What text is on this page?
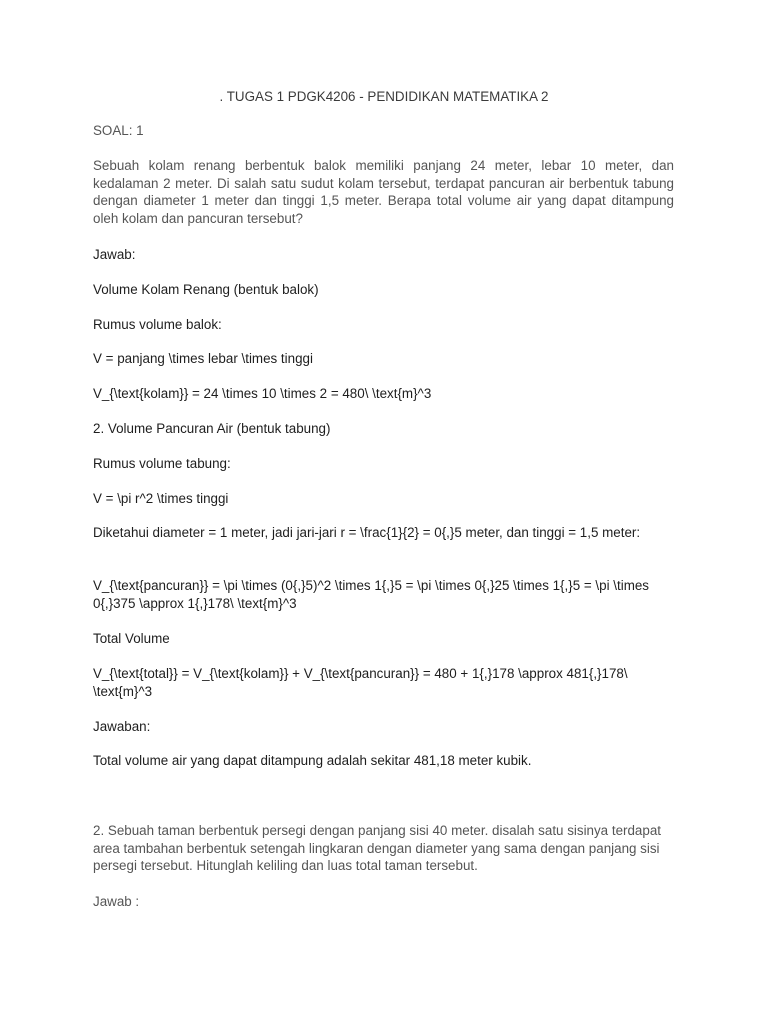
. TUGAS 1 PDGK4206 - PENDIDIKAN MATEMATIKA 2
SOAL: 1
Sebuah kolam renang berbentuk balok memiliki panjang 24 meter, lebar 10 meter, dan kedalaman 2 meter. Di salah satu sudut kolam tersebut, terdapat pancuran air berbentuk tabung dengan diameter 1 meter dan tinggi 1,5 meter. Berapa total volume air yang dapat ditampung oleh kolam dan pancuran tersebut?
Jawab:
Volume Kolam Renang (bentuk balok)
Rumus volume balok:
V = panjang \times lebar \times tinggi
V_{\text{kolam}} = 24 \times 10 \times 2 = 480\ \text{m}^3
2. Volume Pancuran Air (bentuk tabung)
Rumus volume tabung:
V = \pi r^2 \times tinggi
Diketahui diameter = 1 meter, jadi jari-jari r = \frac{1}{2} = 0{,}5 meter, dan tinggi = 1,5 meter:
V_{\text{pancuran}} = \pi \times (0{,}5)^2 \times 1{,}5 = \pi \times 0{,}25 \times 1{,}5 = \pi \times 0{,}375 \approx 1{,}178\ \text{m}^3
Total Volume
V_{\text{total}} = V_{\text{kolam}} + V_{\text{pancuran}} = 480 + 1{,}178 \approx 481{,}178\ \text{m}^3
Jawaban:
Total volume air yang dapat ditampung adalah sekitar 481,18 meter kubik.
2. Sebuah taman berbentuk persegi dengan panjang sisi 40 meter. disalah satu sisinya terdapat area tambahan berbentuk setengah lingkaran dengan diameter yang sama dengan panjang sisi persegi tersebut. Hitunglah keliling dan luas total taman tersebut.
Jawab :
